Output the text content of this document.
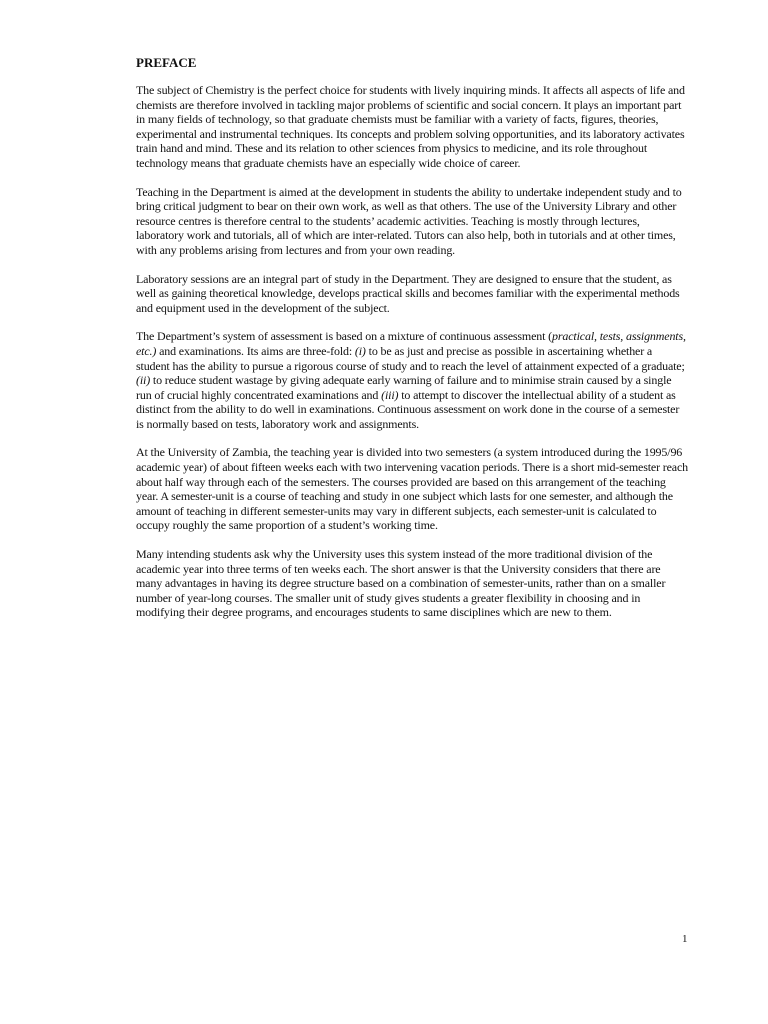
PREFACE

The subject of Chemistry is the perfect choice for students with lively inquiring minds. It affects all aspects of life and chemists are therefore involved in tackling major problems of scientific and social concern. It plays an important part in many fields of technology, so that graduate chemists must be familiar with a variety of facts, figures, theories, experimental and instrumental techniques. Its concepts and problem solving opportunities, and its laboratory activates train hand and mind. These and its relation to other sciences from physics to medicine, and its role throughout technology means that graduate chemists have an especially wide choice of career.

Teaching in the Department is aimed at the development in students the ability to undertake independent study and to bring critical judgment to bear on their own work, as well as that others. The use of the University Library and other resource centres is therefore central to the students’ academic activities. Teaching is mostly through lectures, laboratory work and tutorials, all of which are inter-related. Tutors can also help, both in tutorials and at other times, with any problems arising from lectures and from your own reading.

Laboratory sessions are an integral part of study in the Department. They are designed to ensure that the student, as well as gaining theoretical knowledge, develops practical skills and becomes familiar with the experimental methods and equipment used in the development of the subject.

The Department’s system of assessment is based on a mixture of continuous assessment (practical, tests, assignments, etc.) and examinations. Its aims are three-fold: (i) to be as just and precise as possible in ascertaining whether a student has the ability to pursue a rigorous course of study and to reach the level of attainment expected of a graduate; (ii) to reduce student wastage by giving adequate early warning of failure and to minimise strain caused by a single run of crucial highly concentrated examinations and (iii) to attempt to discover the intellectual ability of a student as distinct from the ability to do well in examinations. Continuous assessment on work done in the course of a semester is normally based on tests, laboratory work and assignments.

At the University of Zambia, the teaching year is divided into two semesters (a system introduced during the 1995/96 academic year) of about fifteen weeks each with two intervening vacation periods. There is a short mid-semester reach about half way through each of the semesters. The courses provided are based on this arrangement of the teaching year. A semester-unit is a course of teaching and study in one subject which lasts for one semester, and although the amount of teaching in different semester-units may vary in different subjects, each semester-unit is calculated to occupy roughly the same proportion of a student’s working time.

Many intending students ask why the University uses this system instead of the more traditional division of the academic year into three terms of ten weeks each. The short answer is that the University considers that there are many advantages in having its degree structure based on a combination of semester-units, rather than on a smaller number of year-long courses. The smaller unit of study gives students a greater flexibility in choosing and in modifying their degree programs, and encourages students to same disciplines which are new to them.

1
